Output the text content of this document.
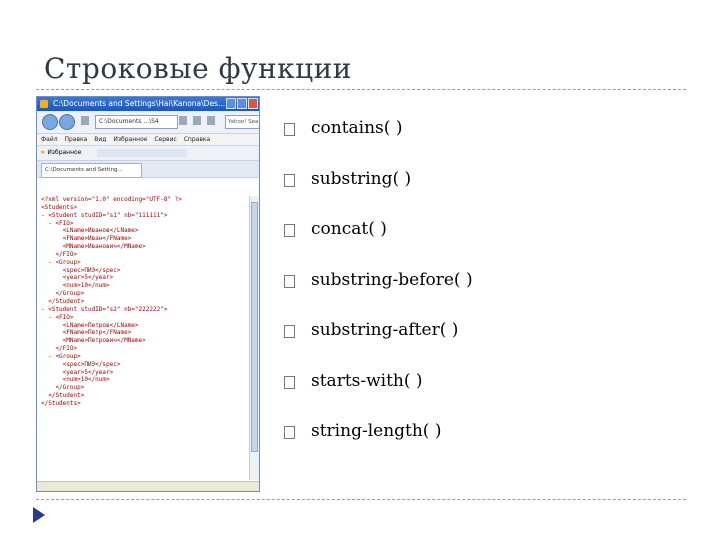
Строковые функции
C:\Documents and Settings\Hai\Kanona\Des...
C:\Documents ...\S4	Yahoo! Sea
Файл Правка Вид Избранное Сервис Справка
★ Избранное
C:\Documents and Setting...
<?xml version="1.0" encoding="UTF-8" ?>
<Students>
- <Student studID="s1" nb="111111">
- <FIO>
<LName>Иванов</LName>
<FName>Иван</FName>
<MName>Иванович</MName>
</FIO>
- <Group>
<spec>ПИЭ</spec>
<year>5</year>
<num>10</num>
</Group>
</Student>
- <Student studID="s2" nb="222222">
- <FIO>
<LName>Петров</LName>
<FName>Петр</FName>
<MName>Петрович</MName>
</FIO>
- <Group>
<spec>ПИЭ</spec>
<year>5</year>
<num>10</num>
</Group>
</Student>
</Students>
contains( )
substring( )
concat( )
substring-before( )
substring-after( )
starts-with( )
string-length( )
